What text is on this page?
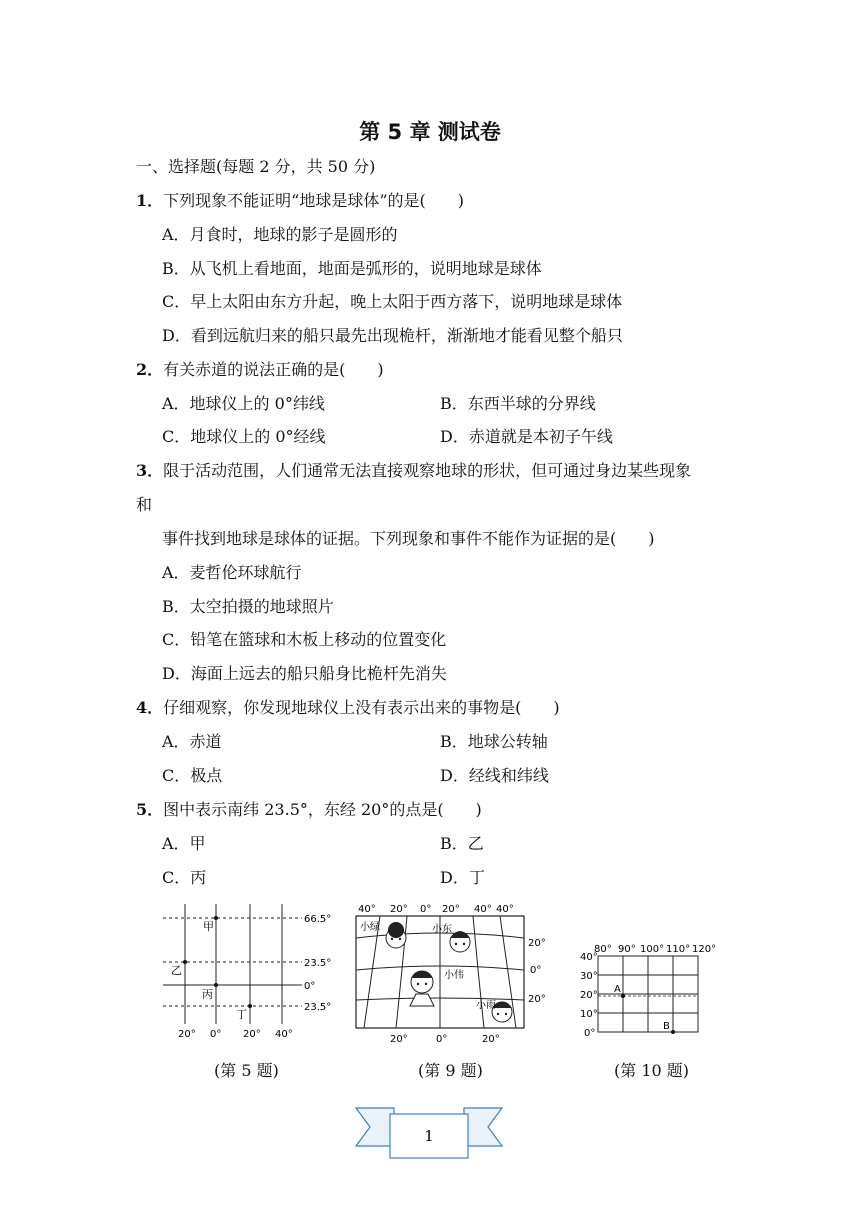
第 5 章 测试卷
一、选择题(每题 2 分，共 50 分)
1．下列现象不能证明“地球是球体”的是(　　)
A．月食时，地球的影子是圆形的
B．从飞机上看地面，地面是弧形的，说明地球是球体
C．早上太阳由东方升起，晚上太阳于西方落下，说明地球是球体
D．看到远航归来的船只最先出现桅杆，渐渐地才能看见整个船只
2．有关赤道的说法正确的是(　　)
A．地球仪上的 0°纬线	B．东西半球的分界线
C．地球仪上的 0°经线	D．赤道就是本初子午线
3．限于活动范围，人们通常无法直接观察地球的形状，但可通过身边某些现象
和
事件找到地球是球体的证据。下列现象和事件不能作为证据的是(　　)
A．麦哲伦环球航行
B．太空拍摄的地球照片
C．铅笔在篮球和木板上移动的位置变化
D．海面上远去的船只船身比桅杆先消失
4．仔细观察，你发现地球仪上没有表示出来的事物是(　　)
A．赤道	B．地球公转轴
C．极点	D．经线和纬线
5．图中表示南纬 23.5°，东经 20°的点是(　　)
A．甲	B．乙
C．丙	D．丁
66.5°
23.5°
0°
23.5°
20° 0° 20° 40°
甲
乙
丙
丁
(第 5 题)
40° 20° 0° 20° 40° 40°
20°
0°
20°
20°	0°	20°
小绿	小东
小伟
小雨
(第 9 题)
80° 90° 100° 110° 120°
40°
30°
20°
10°
0°
A
B
(第 10 题)
1
